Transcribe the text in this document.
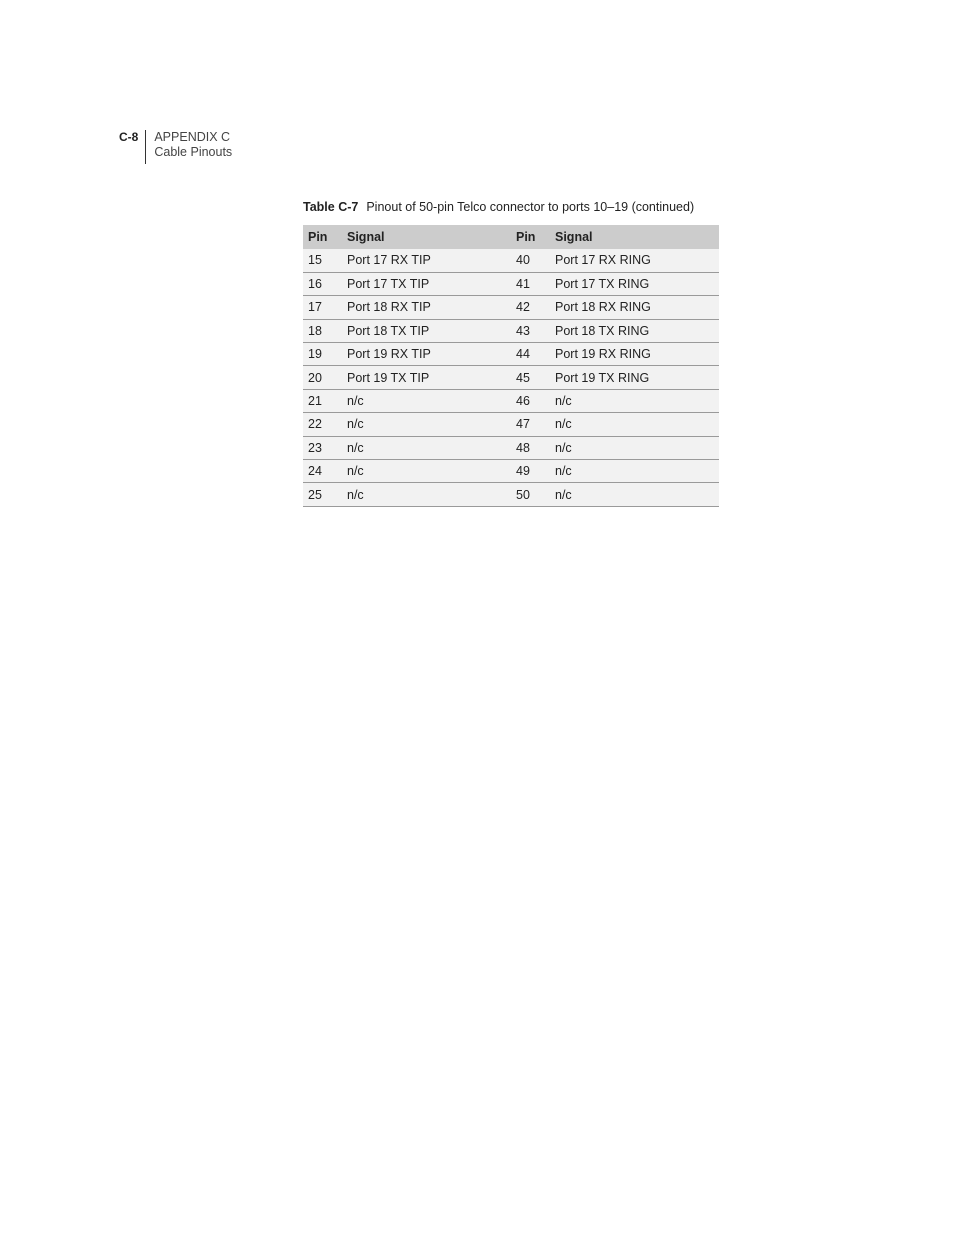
C-8	APPENDIX C
Cable Pinouts
Table C-7 Pinout of 50-pin Telco connector to ports 10–19 (continued)
Pin	Signal	Pin	Signal
15	Port 17 RX TIP	40	Port 17 RX RING
16	Port 17 TX TIP	41	Port 17 TX RING
17	Port 18 RX TIP	42	Port 18 RX RING
18	Port 18 TX TIP	43	Port 18 TX RING
19	Port 19 RX TIP	44	Port 19 RX RING
20	Port 19 TX TIP	45	Port 19 TX RING
21	n/c	46	n/c
22	n/c	47	n/c
23	n/c	48	n/c
24	n/c	49	n/c
25	n/c	50	n/c
